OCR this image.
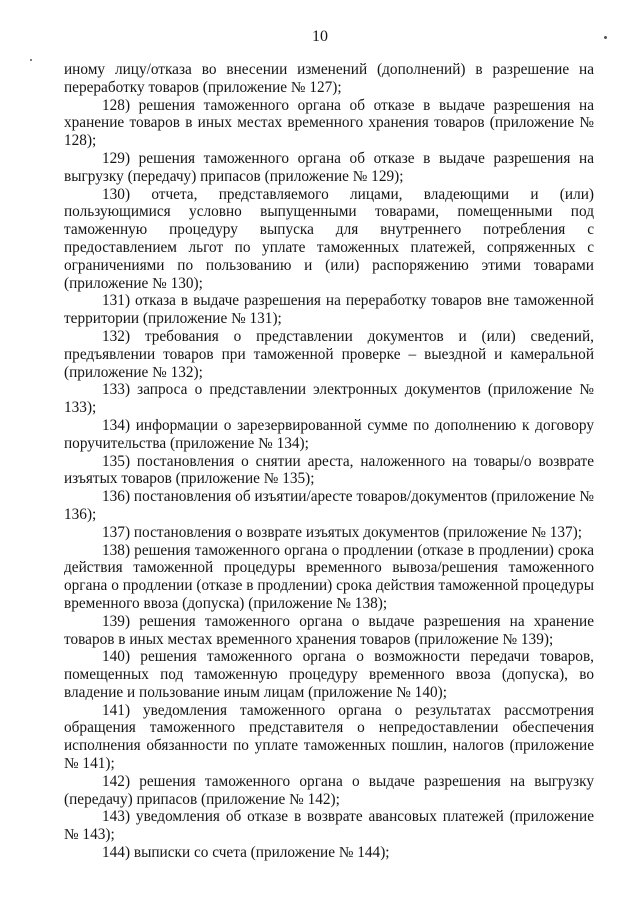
10

иному лицу/отказа во внесении изменений (дополнений) в разрешение на переработку товаров (приложение № 127);

128) решения таможенного органа об отказе в выдаче разрешения на хранение товаров в иных местах временного хранения товаров (приложение № 128);

129) решения таможенного органа об отказе в выдаче разрешения на выгрузку (передачу) припасов (приложение № 129);

130) отчета, представляемого лицами, владеющими и (или) пользующимися условно выпущенными товарами, помещенными под таможенную процедуру выпуска для внутреннего потребления с предоставлением льгот по уплате таможенных платежей, сопряженных с ограничениями по пользованию и (или) распоряжению этими товарами (приложение № 130);

131) отказа в выдаче разрешения на переработку товаров вне таможенной территории (приложение № 131);

132) требования о представлении документов и (или) сведений, предъявлении товаров при таможенной проверке – выездной и камеральной (приложение № 132);

133) запроса о представлении электронных документов (приложение № 133);

134) информации о зарезервированной сумме по дополнению к договору поручительства (приложение № 134);

135) постановления о снятии ареста, наложенного на товары/о возврате изъятых товаров (приложение № 135);

136) постановления об изъятии/аресте товаров/документов (приложение № 136);

137) постановления о возврате изъятых документов (приложение № 137);

138) решения таможенного органа о продлении (отказе в продлении) срока действия таможенной процедуры временного вывоза/решения таможенного органа о продлении (отказе в продлении) срока действия таможенной процедуры временного ввоза (допуска) (приложение № 138);

139) решения таможенного органа о выдаче разрешения на хранение товаров в иных местах временного хранения товаров (приложение № 139);

140) решения таможенного органа о возможности передачи товаров, помещенных под таможенную процедуру временного ввоза (допуска), во владение и пользование иным лицам (приложение № 140);

141) уведомления таможенного органа о результатах рассмотрения обращения таможенного представителя о непредоставлении обеспечения исполнения обязанности по уплате таможенных пошлин, налогов (приложение № 141);

142) решения таможенного органа о выдаче разрешения на выгрузку (передачу) припасов (приложение № 142);

143) уведомления об отказе в возврате авансовых платежей (приложение № 143);

144) выписки со счета (приложение № 144);
